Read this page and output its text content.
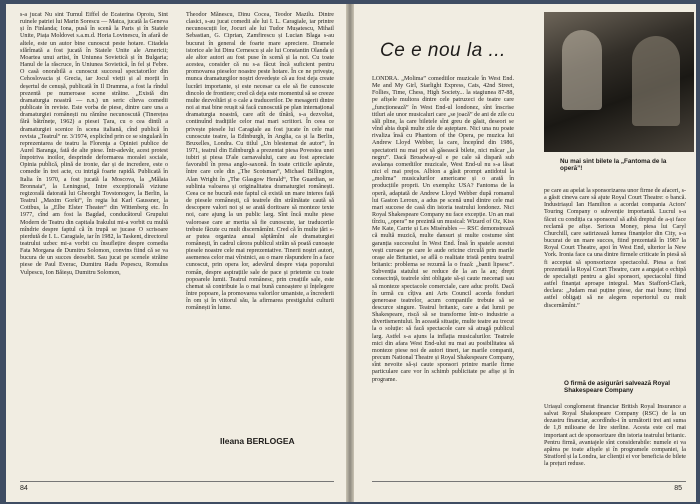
s-a jucat Nu sint Turnul Eiffel de Ecaterina Oproiu, Sint ruinele patriei lui Marin Sorescu — Matca, jucată la Geneva și în Finlanda; Iona, pusă în scenă la Paris și în Statele Unite, Piața Moldovei s.a.m.d. Horia Lovinescu, în afară de altele, este un autor bine cunoscut peste hotare. Citadela sfărîmată a fost jucată în Statele Unite ale Americii; Moartea unui artist, în Uniunea Sovietică și în Bulgaria; Hanul de la răscruce, în Uniunea Sovietică, în fel și Febre. O casă onorabilă a cunoscut succesul spectatorilor din Cehoslovacia și Grecia, iar Jocul vieții și al morții în deșertul de cenușă, publicată în Il Dramma, a fost la rîndul prezentă pe numeroase scene străine. „Există din dramaturgia noastră — n.n.) un seric cîteva comedii publicate în reviste. Este vorba de piese, dintre care una a dramaturgiei românești nu rămîne necunoscută (Tinerețea fără bătrînețe, 1962) a piesei Țara, cu o cea dintîi a dramaturgiei scenice în scena italiană, cînd publică în revista „Teatrul“ nr. 3/1974, explicînd prin ce se singulară în reprezentarea de teatru la Florența a Opiniei publice de Aurel Baranga, fată de alte piese. Într-adevăr, acest protest împotriva inoilor, desprinde deformarea moralei sociale, Opinia publică, plină de ironie, dar și de incredere, este o comedie în trei acte, cu intrigă foarte rapidă. Publicată în Italia în 1970, a fost jucată la Moscova, la „Mălaia Bronnaia“, la Leningrad, Intre excepțională viziune regizorală datorată lui Gheorghi Tovstonogov, la Berlin, la Teatrul „Maxim Gorki“, în regia lui Karl Gaussner, la Cottbus, la „Elbe Elster Theater“ din Wittenberg etc. În 1977, cînd am fost la Bagdad, conducătorul Grupului Modern de Teatru din capitala Irakului mi-a vorbit cu multă mîndrie despre faptul că în trupă se jucase O scrisoare pierdută de I. L. Caragiale, iar în 1982, la Taskent, directorul teatrului uzbec mi-a vorbit cu însuflețire despre comedia Fata Morgana de Dumitru Solomon, convins fiind că se va bucura de un succes deosebit. Sau jucat pe scenele străine piese de Paul Everac, Dumitru Radu Popescu, Romulus Vulpescu, Ion Băieșu, Dumitru Solomon,

Theodor Mănescu, Dinu Cocea, Teodor Mazilu. Dintre clasici, s-au jucat comedii ale lui I. L. Caragiale, iar printre necunoscuții lor, Jocuri ale lui Tudor Mușatescu, Mihail Sebastian, G. Ciprian, Zamfirescu și Lucian Blaga s-au bucurat în general de foarte mare apreciere. Dramele istorice ale lui Dinu Cernescu și ale lui Constantin Olanda și ale altor autori au fost puse în scenă și la noi. Cu toate acestea, consider că nu s-a făcut încă suficient pentru promovarea pieselor noastre peste hotare. În ce ne privește, munca dramaturgilor noștri dovedește că au fost deja create lucrări importante, și este necesar ca ele să fie cunoscute dincolo de frontiere; cred că deja este momentul să se creeze multe dezvoltări și o cale a traducerilor. De mesagerii dintre noi ai mai bine reușit să facă cunoscută pe plan internațional dramaturgia noastră, care atît de tînără, s-a dezvoltat, continuînd tradițiile celor mai mari scriitori. În ceea ce privește piesele lui Caragiale au fost jucate în cele mai cunoscute teatre, la Edinburgh, în Anglia, ca și la Berlin, Bruxelles, Londra. Cu titlul „Un blestemat de autor“, în 1971, teatrul din Edinburgh a prezentat piesa Povestea unei iubiri și piesa D'ale carnavalului, care au fost apreciate favorabil în presa anglo-saxonă. În toate criticile apărute, între care cele din „The Scotsman“, Michael Billington, Alan Wright în „The Glasgow Herald“, The Guardian, se sublinia valoarea și originalitatea dramaturgiei românești. Ceea ce ne bucură este faptul că există un mare interes față de piesele românești, că teatrele din străinătate caută să descopere valori noi și se arată doritoare să monteze texte noi, care ajung la un public larg. Sînt încă multe piese valoroase care ar merita să fie cunoscute, iar traducerile trebuie făcute cu mult discernămînt. Cred că în multe țări s-ar putea organiza anual săptămîni ale dramaturgiei românești, în cadrul cărora publicul străin să poată cunoaște piesele noastre cele mai reprezentative. Tinerii noștri autori, asemenea celor mai vîrstnici, au o mare răspundere în a face cunoscut, prin opera lor, adevărul despre viața poporului român, despre aspirațiile sale de pace și prietenie cu toate popoarele lumii. Teatrul românesc, prin creațiile sale, este chemat să contribuie la o mai bună cunoaștere și înțelegere între popoare, la promovarea valorilor umaniste, a încrederii în om și în viitorul său, la afirmarea prestigiului culturii românești în lume.

Ileana BERLOGEA
84
Ce e nou la ...
Nu mai sint bilete la „Fantoma de la operă”!

LONDRA. „Molima” comediilor muzicale în West End. Me and My Girl, Starlight Express, Cats, 42nd Street, Follies, Time, Chess, High Society... la stagiunea 87-88, pe afișele multora dintre cele patruzeci de teatre care „funcționează” în West End-ul londonez, sînt înscrise titluri ale unor musicaluri care „se joacă” de ani de zile cu săli pline, la care biletele sînt greu de găsit, deseori se vînd abia după multe zile de așteptare. Nici una nu poate rivaliza însă cu Phantom of the Opera, pe muzica lui Andrew Lloyd Webber, la care, începînd din 1986, spectatorii nu mai pot să găsească bilete, nici măcar „la negru”. Dacă Broadway-ul e pe cale să dispară sub avalanșa comediilor muzicale, West End-ul nu s-a lăsat nici el mai prejos. Albion a găsit prompt antidotul la „molima” musicalurilor americane și o arată în producțiile proprii. Un exemplu: USA? Fantoma de la operă, adaptată de Andrew Lloyd Webber după romanul lui Gaston Leroux, a adus pe scenă unul dintre cele mai mari succese de casă din istoria teatrului londonez. Nici Royal Shakespeare Company nu face excepție. Un an mai tîrziu, „opera” ne prezintă un musical: Wizard of Oz, Kiss Me Kate, Carrie și Les Misérables — RSC demonstrează că multă muzică, multe dansuri și multe costume sînt garanția succesului în West End. Însă în spatele acestui vești curoase pe care le aude oricine circulă prin marile orașe ale Britaniei, se află o realitate tristă pentru teatrul britanic: problema se rezumă la o frază: „banii lipsesc”. Subvenția statului se reduce de la an la an; drept consecință, teatrele sînt obligate să-și caute mecenați sau să monteze spectacole comerciale, care aduc profit. Dacă în urmă cu cîțiva ani Arts Council acorda fonduri generoase teatrelor, acum companiile trebuie să se descurce singure. Teatrul britanic, care a dat lumii pe Shakespeare, riscă să se transforme într-o industrie a divertismentului. În această situație, multe teatre au trecut la o soluție: să facă spectacole care să atragă publicul larg. Astfel s-a ajuns la inflația musicalurilor. Teatrele mici din afara West End-ului nu mai au posibilitatea să monteze piese noi de autori tineri, iar marile companii, precum National Theatre și Royal Shakespeare Company, sînt nevoite să-și caute sponsori printre marile firme particulare care vor în schimb publicitate pe afișe și în programe.

pe care au apelat la sponsorizarea unor firme de afaceri, s-a găsit cineva care să ajute Royal Court Theatre: o bancă. Industriașul Ian Hamilton a acordat compania Actors' Touring Company o subvenție importantă. Lucrul s-a făcut cu condiția ca sponsorul să aibă dreptul de a-și face reclamă pe afișe. Serious Money, piesa lui Caryl Churchill, care satirizează lumea finanțelor din City, s-a bucurat de un mare succes, fiind prezentată în 1987 la Royal Court Theatre, apoi în West End, ulterior la New York. Ironia face ca una dintre firmele criticate în piesă să fi acceptat să sponsorizeze spectacolul. Piesa a fost prezentată la Royal Court Theatre, care a angajat o echipă de specialiști pentru a găsi sponsori, spectacolul fiind astfel finanțat aproape integral. Max Stafford-Clark, declara: „Judam mai puține piese, dar mai bune; fiind astfel obligați să ne alegem repertoriul cu mult discernămînt.”

O firmă de asigurări salvează Royal Shakespeare Company

Uriașul conglomerat financiar British Royal Insurance a salvat Royal Shakespeare Company (RSC) de la un dezastru financiar, acordîndu-i în următorii trei ani suma de 1,8 milioane de lire sterline. Acesta este cel mai important act de sponsorizare din istoria teatrului britanic. Pentru firmă, avantajele sînt considerabile: numele ei va apărea pe toate afișele și în programele companiei, la Stratford și la Londra, iar clienții ei vor beneficia de bilete la prețuri reduse.

85
